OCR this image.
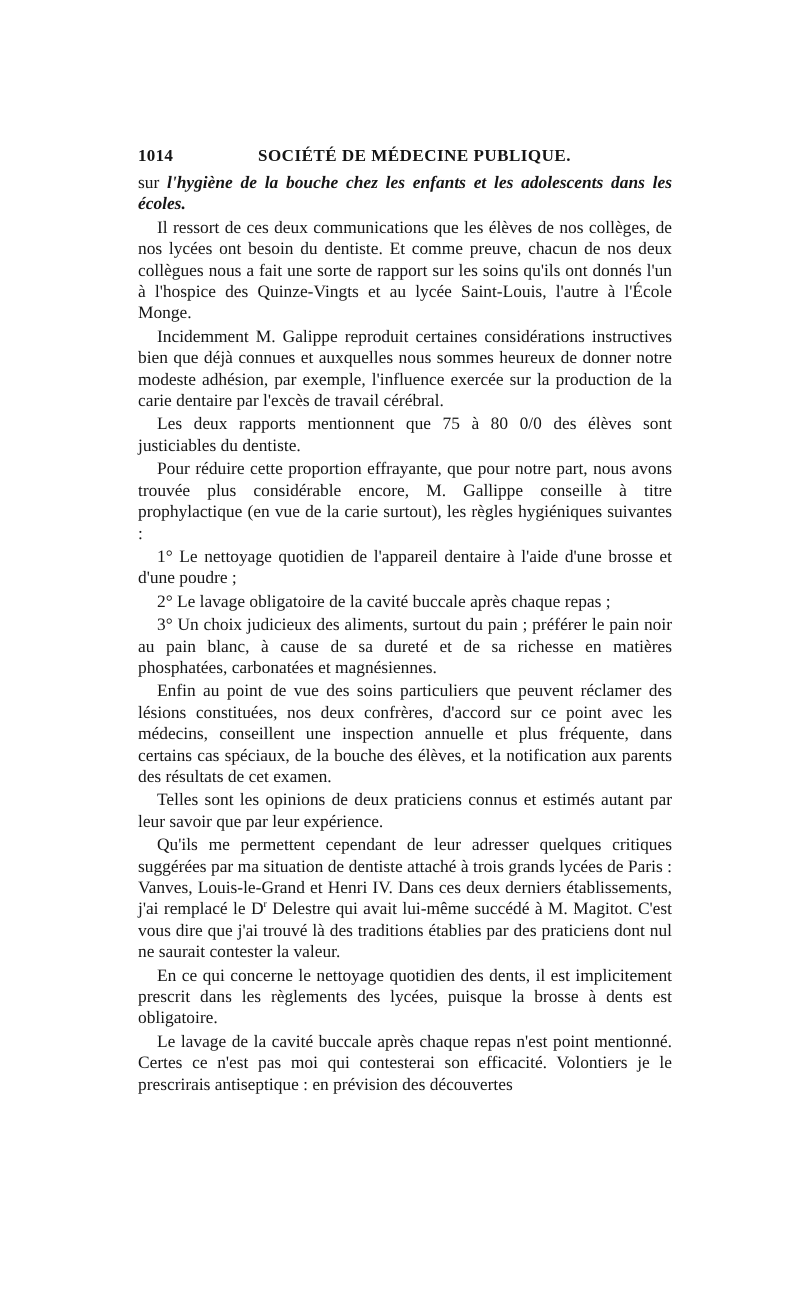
1014	SOCIÉTÉ DE MÉDECINE PUBLIQUE.

sur l'hygiène de la bouche chez les enfants et les adolescents dans les écoles.

Il ressort de ces deux communications que les élèves de nos collèges, de nos lycées ont besoin du dentiste. Et comme preuve, chacun de nos deux collègues nous a fait une sorte de rapport sur les soins qu'ils ont donnés l'un à l'hospice des Quinze-Vingts et au lycée Saint-Louis, l'autre à l'École Monge.

Incidemment M. Galippe reproduit certaines considérations instructives bien que déjà connues et auxquelles nous sommes heureux de donner notre modeste adhésion, par exemple, l'influence exercée sur la production de la carie dentaire par l'excès de travail cérébral.

Les deux rapports mentionnent que 75 à 80 0/0 des élèves sont justiciables du dentiste.

Pour réduire cette proportion effrayante, que pour notre part, nous avons trouvée plus considérable encore, M. Gallippe conseille à titre prophylactique (en vue de la carie surtout), les règles hygiéniques suivantes :

1° Le nettoyage quotidien de l'appareil dentaire à l'aide d'une brosse et d'une poudre ;

2° Le lavage obligatoire de la cavité buccale après chaque repas ;

3° Un choix judicieux des aliments, surtout du pain ; préférer le pain noir au pain blanc, à cause de sa dureté et de sa richesse en matières phosphatées, carbonatées et magnésiennes.

Enfin au point de vue des soins particuliers que peuvent réclamer des lésions constituées, nos deux confrères, d'accord sur ce point avec les médecins, conseillent une inspection annuelle et plus fréquente, dans certains cas spéciaux, de la bouche des élèves, et la notification aux parents des résultats de cet examen.

Telles sont les opinions de deux praticiens connus et estimés autant par leur savoir que par leur expérience.

Qu'ils me permettent cependant de leur adresser quelques critiques suggérées par ma situation de dentiste attaché à trois grands lycées de Paris : Vanves, Louis-le-Grand et Henri IV. Dans ces deux derniers établissements, j'ai remplacé le $D^r$ Delestre qui avait lui-même succédé à M. Magitot. C'est vous dire que j'ai trouvé là des traditions établies par des praticiens dont nul ne saurait contester la valeur.

En ce qui concerne le nettoyage quotidien des dents, il est implicitement prescrit dans les règlements des lycées, puisque la brosse à dents est obligatoire.

Le lavage de la cavité buccale après chaque repas n'est point mentionné. Certes ce n'est pas moi qui contesterai son efficacité. Volontiers je le prescrirais antiseptique : en prévision des découvertes
